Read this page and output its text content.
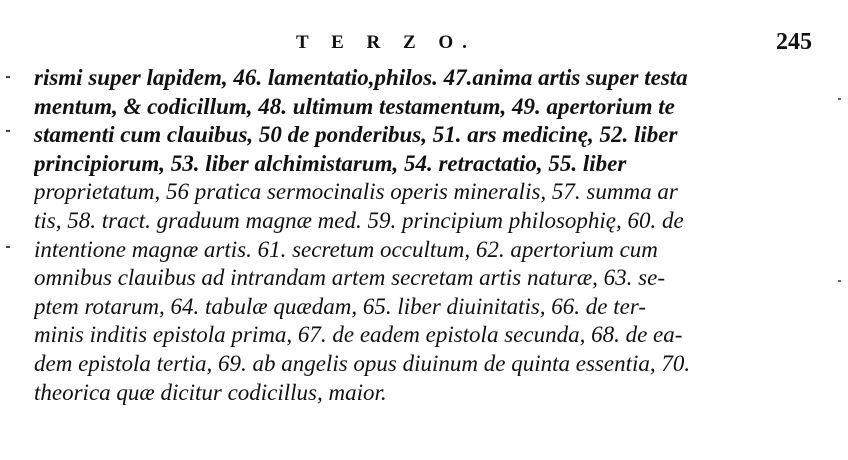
T E R Z O.	245
rismi super lapidem, 46. lamentatio,philos. 47.anima artis super testa
mentum, & codicillum, 48. ultimum testamentum, 49. apertorium te
stamenti cum clauibus, 50 de ponderibus, 51. ars medicinę, 52. liber
principiorum, 53. liber alchimistarum, 54. retractatio, 55. liber
proprietatum, 56 pratica sermocinalis operis mineralis, 57. summa ar
tis, 58. tract. graduum magnæ med. 59. principium philosophię, 60. de
intentione magnæ artis. 61. secretum occultum, 62. apertorium cum
omnibus clauibus ad intrandam artem secretam artis naturæ, 63. se-
ptem rotarum, 64. tabulæ quædam, 65. liber diuinitatis, 66. de ter-
minis inditis epistola prima, 67. de eadem epistola secunda, 68. de ea-
dem epistola tertia, 69. ab angelis opus diuinum de quinta essentia, 70.
theorica quæ dicitur codicillus, maior.
